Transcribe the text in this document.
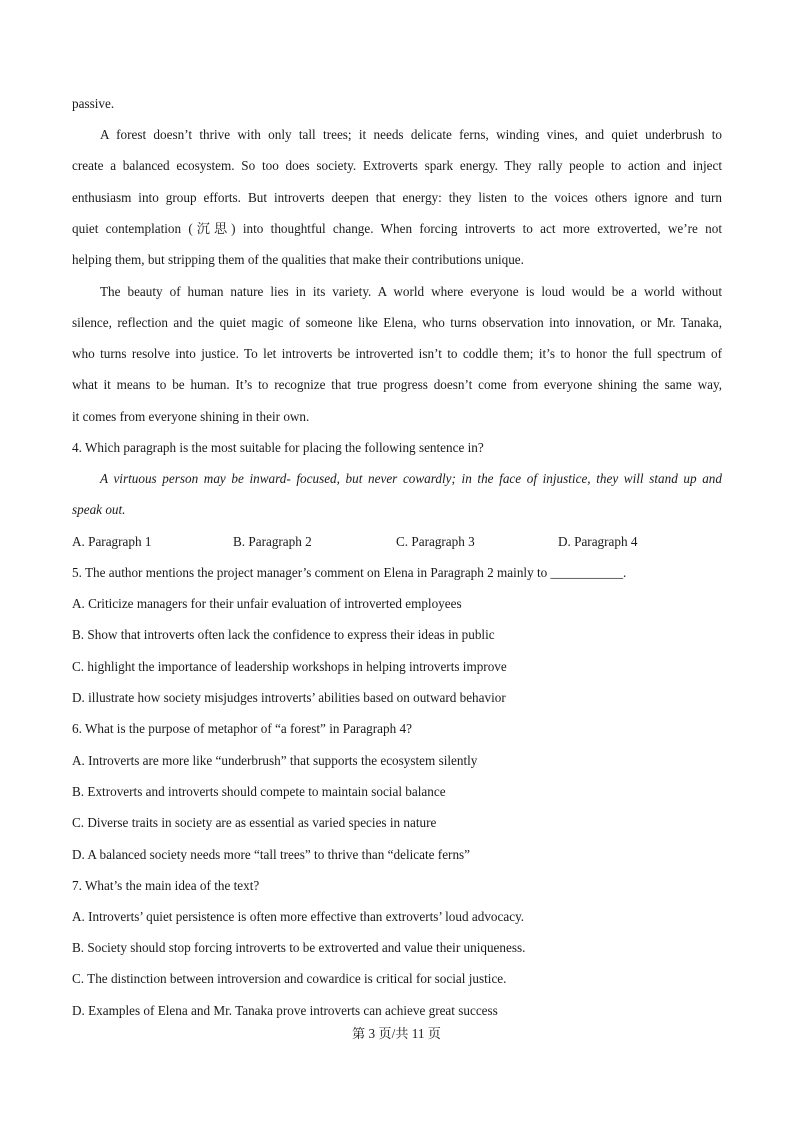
passive.
A forest doesn’t thrive with only tall trees; it needs delicate ferns, winding vines, and quiet underbrush to
create a balanced ecosystem. So too does society. Extroverts spark energy. They rally people to action and inject
enthusiasm into group efforts. But introverts deepen that energy: they listen to the voices others ignore and turn
quiet contemplation (沉思) into thoughtful change. When forcing introverts to act more extroverted, we’re not
helping them, but stripping them of the qualities that make their contributions unique.
The beauty of human nature lies in its variety. A world where everyone is loud would be a world without
silence, reflection and the quiet magic of someone like Elena, who turns observation into innovation, or Mr. Tanaka,
who turns resolve into justice. To let introverts be introverted isn’t to coddle them; it’s to honor the full spectrum of
what it means to be human. It’s to recognize that true progress doesn’t come from everyone shining the same way,
it comes from everyone shining in their own.
4. Which paragraph is the most suitable for placing the following sentence in?
A virtuous person may be inward- focused, but never cowardly; in the face of injustice, they will stand up and
speak out.
A. Paragraph 1	B. Paragraph 2	C. Paragraph 3	D. Paragraph 4
5. The author mentions the project manager’s comment on Elena in Paragraph 2 mainly to ___________.
A. Criticize managers for their unfair evaluation of introverted employees
B. Show that introverts often lack the confidence to express their ideas in public
C. highlight the importance of leadership workshops in helping introverts improve
D. illustrate how society misjudges introverts’ abilities based on outward behavior
6. What is the purpose of metaphor of “a forest” in Paragraph 4?
A. Introverts are more like “underbrush” that supports the ecosystem silently
B. Extroverts and introverts should compete to maintain social balance
C. Diverse traits in society are as essential as varied species in nature
D. A balanced society needs more “tall trees” to thrive than “delicate ferns”
7. What’s the main idea of the text?
A. Introverts’ quiet persistence is often more effective than extroverts’ loud advocacy.
B. Society should stop forcing introverts to be extroverted and value their uniqueness.
C. The distinction between introversion and cowardice is critical for social justice.
D. Examples of Elena and Mr. Tanaka prove introverts can achieve great success
第 3 页/共 11 页
